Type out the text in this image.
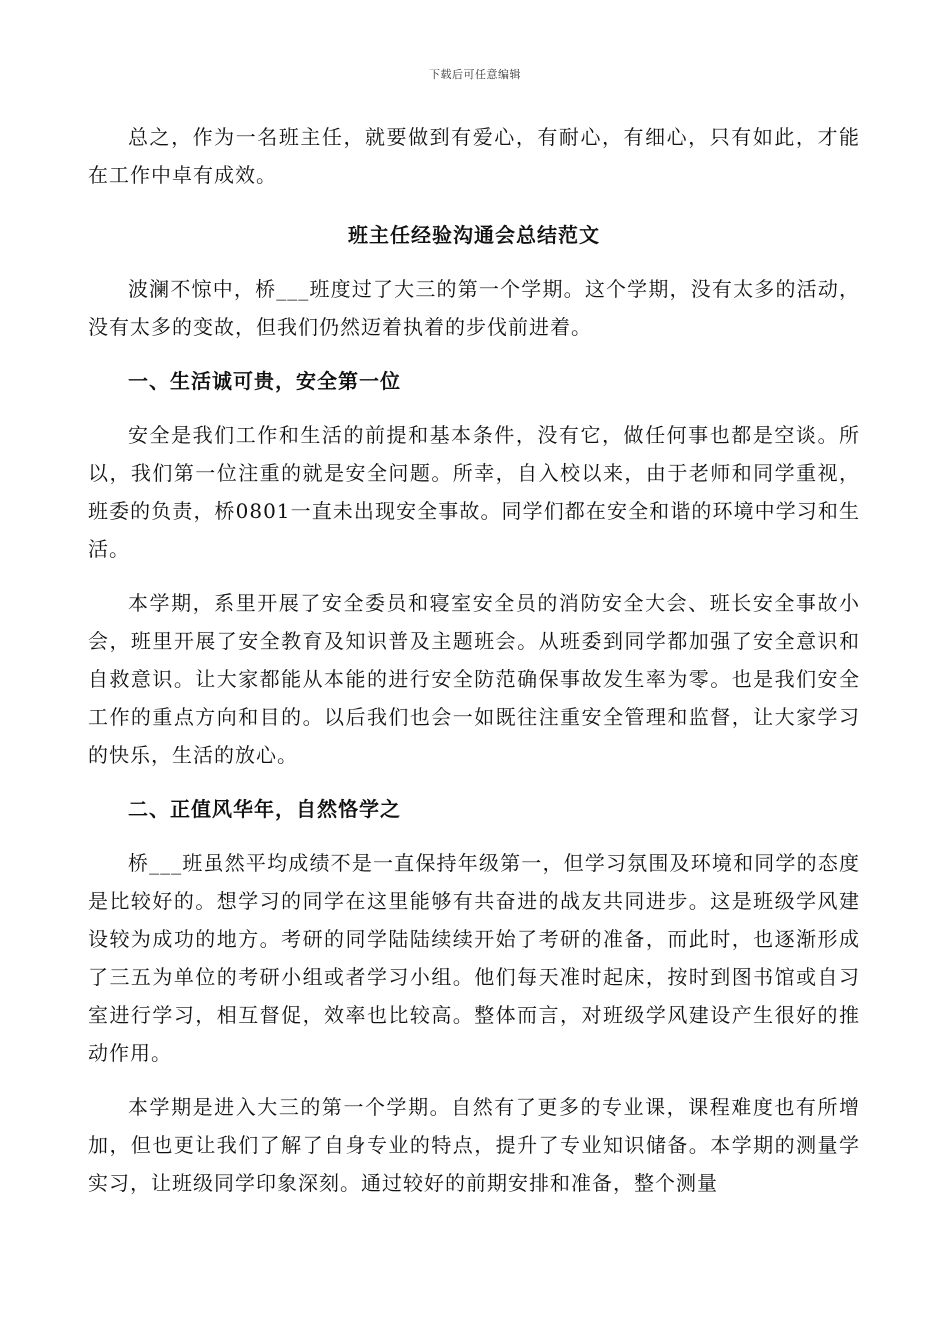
下载后可任意编辑

总之，作为一名班主任，就要做到有爱心，有耐心，有细心，只有如此，才能在工作中卓有成效。

班主任经验沟通会总结范文

波澜不惊中，桥___班度过了大三的第一个学期。这个学期，没有太多的活动，没有太多的变故，但我们仍然迈着执着的步伐前进着。

一、生活诚可贵，安全第一位

安全是我们工作和生活的前提和基本条件，没有它，做任何事也都是空谈。所以，我们第一位注重的就是安全问题。所幸，自入校以来，由于老师和同学重视，班委的负责，桥0801一直未出现安全事故。同学们都在安全和谐的环境中学习和生活。

本学期，系里开展了安全委员和寝室安全员的消防安全大会、班长安全事故小会，班里开展了安全教育及知识普及主题班会。从班委到同学都加强了安全意识和自救意识。让大家都能从本能的进行安全防范确保事故发生率为零。也是我们安全工作的重点方向和目的。以后我们也会一如既往注重安全管理和监督，让大家学习的快乐，生活的放心。

二、正值风华年，自然恪学之

桥___班虽然平均成绩不是一直保持年级第一，但学习氛围及环境和同学的态度是比较好的。想学习的同学在这里能够有共奋进的战友共同进步。这是班级学风建设较为成功的地方。考研的同学陆陆续续开始了考研的准备，而此时，也逐渐形成了三五为单位的考研小组或者学习小组。他们每天准时起床，按时到图书馆或自习室进行学习，相互督促，效率也比较高。整体而言，对班级学风建设产生很好的推动作用。

本学期是进入大三的第一个学期。自然有了更多的专业课，课程难度也有所增加，但也更让我们了解了自身专业的特点，提升了专业知识储备。本学期的测量学实习，让班级同学印象深刻。通过较好的前期安排和准备，整个测量
